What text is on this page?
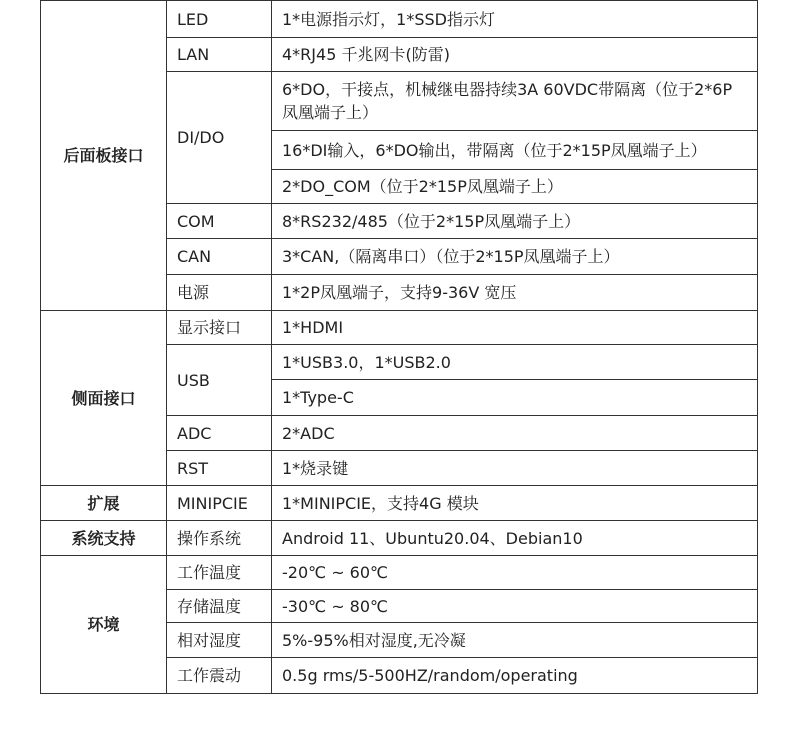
后面板接口	LED	1*电源指示灯，1*SSD指示灯
	LAN	4*RJ45 千兆网卡(防雷)
	DI/DO	6*DO，干接点，机械继电器持续3A 60VDC带隔离（位于2*6P凤凰端子上）
		16*DI输入，6*DO输出，带隔离（位于2*15P凤凰端子上）
		2*DO_COM（位于2*15P凤凰端子上）
	COM	8*RS232/485（位于2*15P凤凰端子上）
	CAN	3*CAN,（隔离串口）（位于2*15P凤凰端子上）
	电源	1*2P凤凰端子，支持9-36V 宽压
侧面接口	显示接口	1*HDMI
	USB	1*USB3.0，1*USB2.0
		1*Type-C
	ADC	2*ADC
	RST	1*烧录键
扩展	MINIPCIE	1*MINIPCIE，支持4G 模块
系统支持	操作系统	Android 11、Ubuntu20.04、Debian10
环境	工作温度	-20℃ ~ 60℃
	存储温度	-30℃ ~ 80℃
	相对湿度	5%-95%相对湿度,无冷凝
	工作震动	0.5g rms/5-500HZ/random/operating
